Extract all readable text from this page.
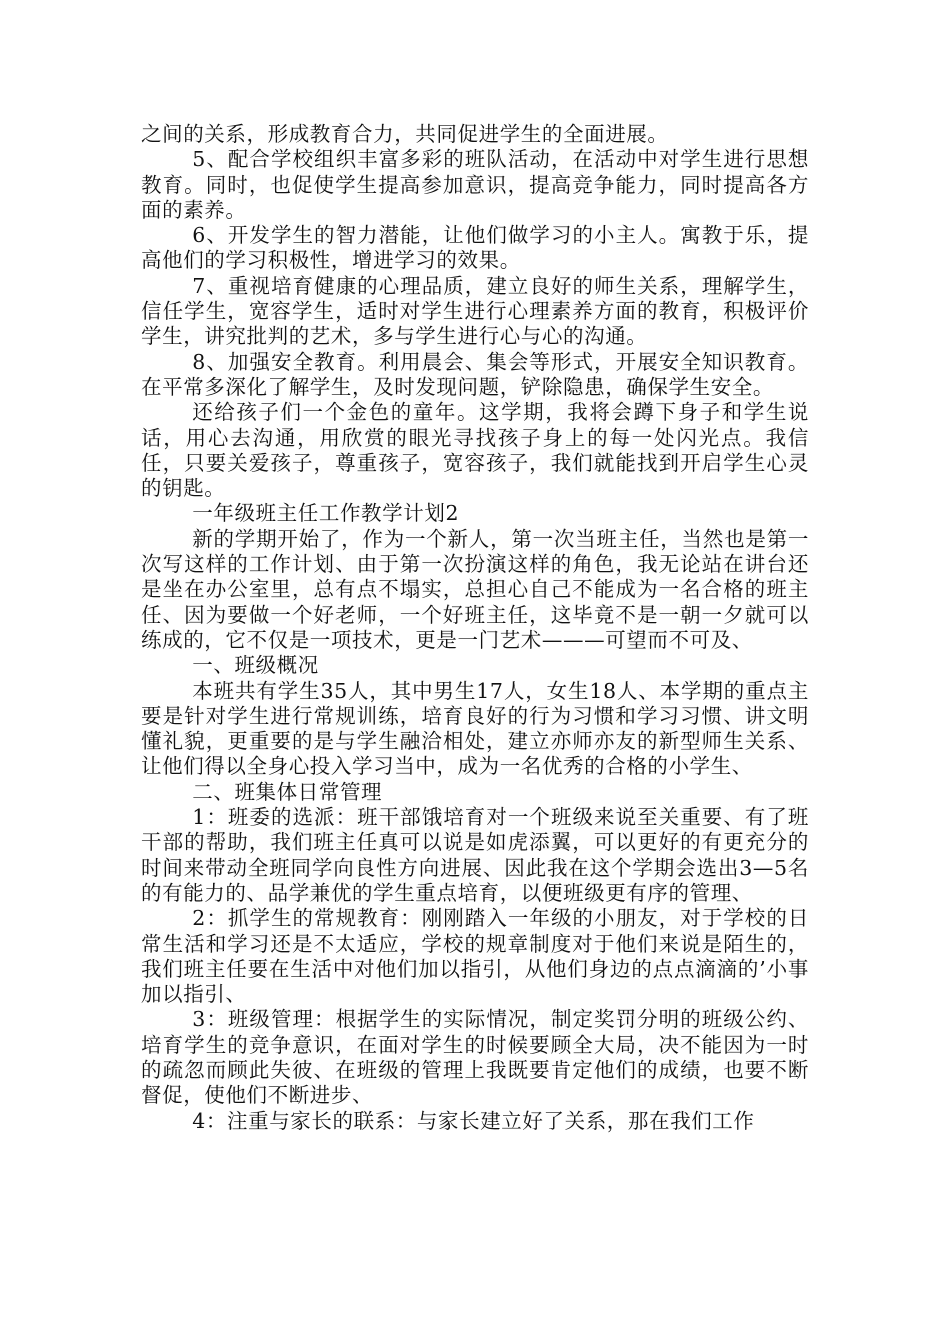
之间的关系，形成教育合力，共同促进学生的全面进展。

5、配合学校组织丰富多彩的班队活动，在活动中对学生进行思想教育。同时，也促使学生提高参加意识，提高竞争能力，同时提高各方面的素养。

6、开发学生的智力潜能，让他们做学习的小主人。寓教于乐，提高他们的学习积极性，增进学习的效果。

7、重视培育健康的心理品质，建立良好的师生关系，理解学生，信任学生，宽容学生，适时对学生进行心理素养方面的教育，积极评价学生，讲究批判的艺术，多与学生进行心与心的沟通。

8、加强安全教育。利用晨会、集会等形式，开展安全知识教育。在平常多深化了解学生，及时发现问题，铲除隐患，确保学生安全。

还给孩子们一个金色的童年。这学期，我将会蹲下身子和学生说话，用心去沟通，用欣赏的眼光寻找孩子身上的每一处闪光点。我信任，只要关爱孩子，尊重孩子，宽容孩子，我们就能找到开启学生心灵的钥匙。

一年级班主任工作教学计划2

新的学期开始了，作为一个新人，第一次当班主任，当然也是第一次写这样的工作计划、由于第一次扮演这样的角色，我无论站在讲台还是坐在办公室里，总有点不塌实，总担心自己不能成为一名合格的班主任、因为要做一个好老师，一个好班主任，这毕竟不是一朝一夕就可以练成的，它不仅是一项技术，更是一门艺术———可望而不可及、

一、班级概况

本班共有学生35人，其中男生17人，女生18人、本学期的重点主要是针对学生进行常规训练，培育良好的行为习惯和学习习惯、讲文明懂礼貌，更重要的是与学生融洽相处，建立亦师亦友的新型师生关系、让他们得以全身心投入学习当中，成为一名优秀的合格的小学生、

二、班集体日常管理

1：班委的选派：班干部饿培育对一个班级来说至关重要、有了班干部的帮助，我们班主任真可以说是如虎添翼，可以更好的有更充分的时间来带动全班同学向良性方向进展、因此我在这个学期会选出3—5名的有能力的、品学兼优的学生重点培育，以便班级更有序的管理、

2：抓学生的常规教育：刚刚踏入一年级的小朋友，对于学校的日常生活和学习还是不太适应，学校的规章制度对于他们来说是陌生的，我们班主任要在生活中对他们加以指引，从他们身边的点点滴滴的’小事加以指引、

3：班级管理：根据学生的实际情况，制定奖罚分明的班级公约、培育学生的竞争意识，在面对学生的时候要顾全大局，决不能因为一时的疏忽而顾此失彼、在班级的管理上我既要肯定他们的成绩，也要不断督促，使他们不断进步、

4：注重与家长的联系：与家长建立好了关系，那在我们工作
